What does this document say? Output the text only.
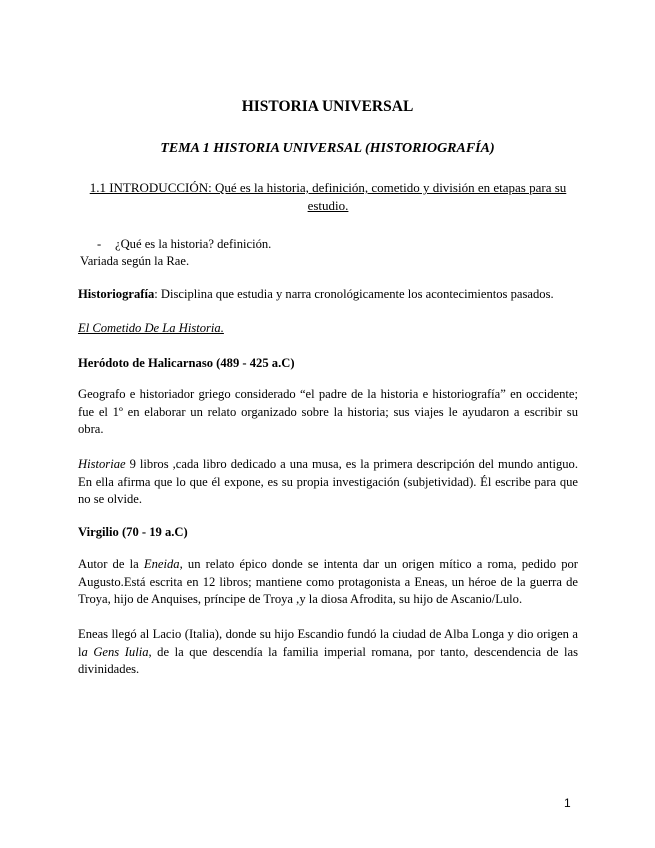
HISTORIA UNIVERSAL
TEMA 1 HISTORIA UNIVERSAL (HISTORIOGRAFÍA)

1.1 INTRODUCCIÓN: Qué es la historia, definición, cometido y división en etapas para su estudio.

- ¿Qué es la historia? definición.

Variada según la Rae.

Historiografía: Disciplina que estudia y narra cronológicamente los acontecimientos pasados.

El Cometido De La Historia.

Heródoto de Halicarnaso (489 - 425 a.C)

Geografo e historiador griego considerado “el padre de la historia e historiografía” en occidente; fue el 1º en elaborar un relato organizado sobre la historia; sus viajes le ayudaron a escribir su obra.

Historiae 9 libros ,cada libro dedicado a una musa, es la primera descripción del mundo antiguo. En ella afirma que lo que él expone, es su propia investigación (subjetividad). Él escribe para que no se olvide.

Virgilio (70 - 19 a.C)

Autor de la Eneida, un relato épico donde se intenta dar un origen mítico a roma, pedido por Augusto.Está escrita en 12 libros; mantiene como protagonista a Eneas, un héroe de la guerra de Troya, hijo de Anquises, príncipe de Troya ,y la diosa Afrodita, su hijo de Ascanio/Lulo.

Eneas llegó al Lacio (Italia), donde su hijo Escandio fundó la ciudad de Alba Longa y dio origen a la Gens Iulia, de la que descendía la familia imperial romana, por tanto, descendencia de las divinidades.

1
